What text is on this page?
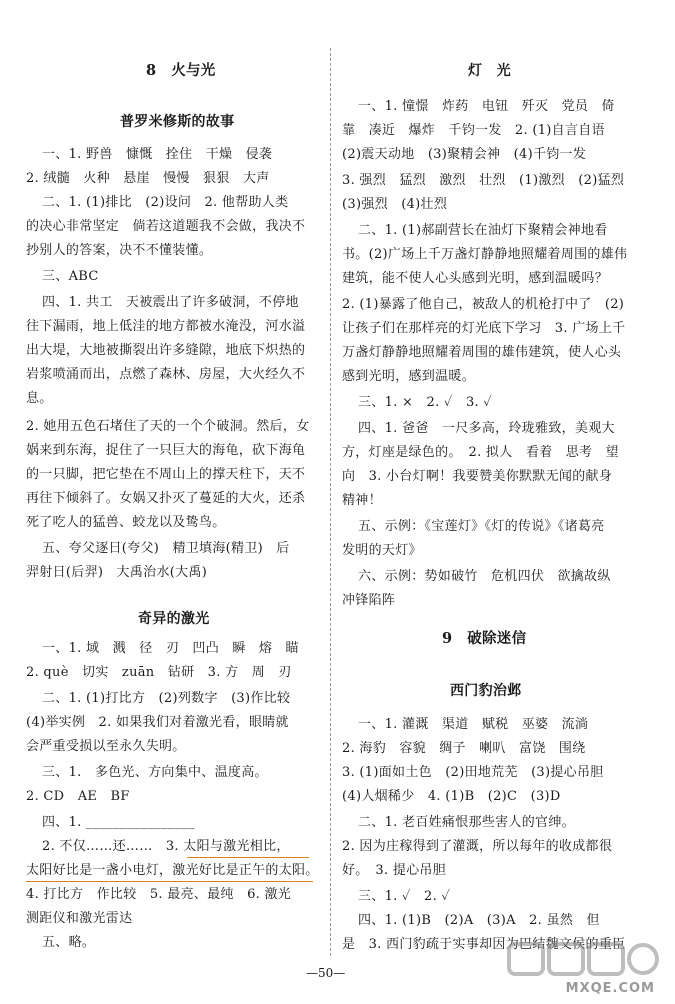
8　火与光
普罗米修斯的故事
一、1. 野兽　慷慨　拴住　干燥　侵袭
2. 绒髓　火种　悬崖　慢慢　狠狠　大声
二、1. (1)排比　(2)设问　2. 他帮助人类
的决心非常坚定　倘若这道题我不会做，我决不
抄别人的答案，决不不懂装懂。
三、ABC
四、1. 共工　天被震出了许多破洞，不停地
往下漏雨，地上低洼的地方都被水淹没，河水溢
出大堤，大地被撕裂出许多缝隙，地底下炽热的
岩浆喷涌而出，点燃了森林、房屋，大火经久不
息。
2. 她用五色石堵住了天的一个个破洞。然后，女
娲来到东海，捉住了一只巨大的海龟，砍下海龟
的一只脚，把它垫在不周山上的撑天柱下，天不
再往下倾斜了。女娲又扑灭了蔓延的大火，还杀
死了吃人的猛兽、蛟龙以及鸷鸟。
五、夸父逐日(夸父)　精卫填海(精卫)　后
羿射日(后羿)　大禹治水(大禹)
奇异的激光
一、1. 域　溅　径　刃　凹凸　瞬　熔　瞄
2. què　切实　zuān　钻研　3. 方　周　刃
二、1. (1)打比方　(2)列数字　(3)作比较
(4)举实例　2. 如果我们对着激光看，眼睛就
会严重受损以至永久失明。
三、1.　多色光、方向集中、温度高。
2. CD　AE　BF
四、1. ________________
2. 不仅……还……　3. 太阳与激光相比，
太阳好比是一盏小电灯，激光好比是正午的太阳。
4. 打比方　作比较　5. 最亮、最纯　6. 激光
测距仪和激光雷达
五、略。
灯　光
一、1. 憧憬　炸药　电钮　歼灭　党员　倚
靠　凑近　爆炸　千钧一发　2. (1)自言自语
(2)震天动地　(3)聚精会神　(4)千钧一发
3. 强烈　猛烈　激烈　壮烈　(1)激烈　(2)猛烈
(3)强烈　(4)壮烈
二、1. (1)郝副营长在油灯下聚精会神地看
书。(2)广场上千万盏灯静静地照耀着周围的雄伟
建筑，能不使人心头感到光明，感到温暖吗？
2. (1)暴露了他自己，被敌人的机枪打中了　(2)
让孩子们在那样亮的灯光底下学习　3. 广场上千
万盏灯静静地照耀着周围的雄伟建筑，使人心头
感到光明，感到温暖。
三、1. ×　2. ✓　3. ✓
四、1. 爸爸　一尺多高，玲珑雅致，美观大
方，灯座是绿色的。　2. 拟人　看着　思考　望
向　3. 小台灯啊！我要赞美你默默无闻的献身
精神！
五、示例：《宝莲灯》《灯的传说》《诸葛亮
发明的天灯》
六、示例：势如破竹　危机四伏　欲擒故纵
冲锋陷阵
9　破除迷信
西门豹治邺
一、1. 灌溉　渠道　赋税　巫婆　流淌
2. 海豹　容貌　绸子　喇叭　富饶　围绕
3. (1)面如土色　(2)田地荒芜　(3)提心吊胆
(4)人烟稀少　4. (1)B　(2)C　(3)D
二、1. 老百姓痛恨那些害人的官绅。
2. 因为庄稼得到了灌溉，所以每年的收成都很
好。　3. 提心吊胆
三、1. ✓　2. ✓
四、1. (1)B　(2)A　(3)A　2. 虽然　但
是　3. 西门豹疏于实事却因为巴结魏文侯的重臣
—50—
MXQE.COM
